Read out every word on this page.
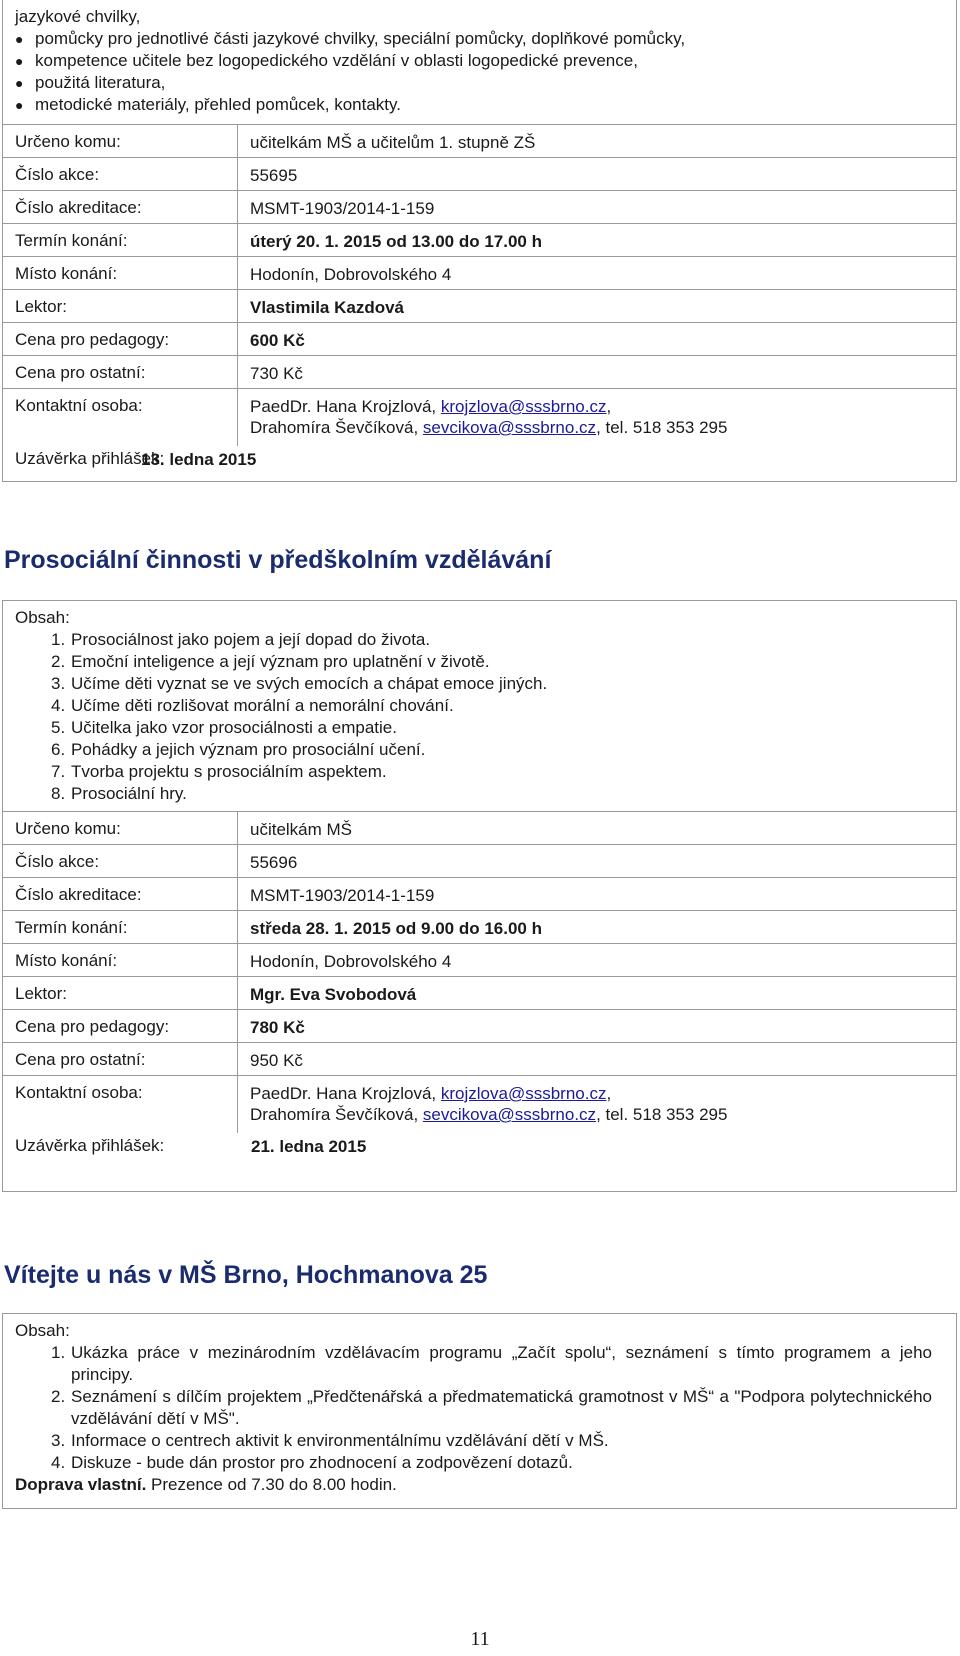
jazykové chvilky,
● pomůcky pro jednotlivé části jazykové chvilky, speciální pomůcky, doplňkové pomůcky,
● kompetence učitele bez logopedického vzdělání v oblasti logopedické prevence,
● použitá literatura,
● metodické materiály, přehled pomůcek, kontakty.
Určeno komu:	učitelkám MŠ a učitelům 1. stupně ZŠ
Číslo akce:	55695
Číslo akreditace:	MSMT-1903/2014-1-159
Termín konání:	úterý 20. 1. 2015 od 13.00 do 17.00 h
Místo konání:	Hodonín, Dobrovolského 4
Lektor:	Vlastimila Kazdová
Cena pro pedagogy:	600 Kč
Cena pro ostatní:	730 Kč
Kontaktní osoba:	PaedDr. Hana Krojzlová, krojzlova@sssbrno.cz,
Drahomíra Ševčíková, sevcikova@sssbrno.cz, tel. 518 353 295
Uzávěrka přihlášek:
13. ledna 2015
Prosociální činnosti v předškolním vzdělávání
Obsah:
1. Prosociálnost jako pojem a její dopad do života.
2. Emoční inteligence a její význam pro uplatnění v životě.
3. Učíme děti vyznat se ve svých emocích a chápat emoce jiných.
4. Učíme děti rozlišovat morální a nemorální chování.
5. Učitelka jako vzor prosociálnosti a empatie.
6. Pohádky a jejich význam pro prosociální učení.
7. Tvorba projektu s prosociálním aspektem.
8. Prosociální hry.
Určeno komu:	učitelkám MŠ
Číslo akce:	55696
Číslo akreditace:	MSMT-1903/2014-1-159
Termín konání:	středa 28. 1. 2015 od 9.00 do 16.00 h
Místo konání:	Hodonín, Dobrovolského 4
Lektor:	Mgr. Eva Svobodová
Cena pro pedagogy:	780 Kč
Cena pro ostatní:	950 Kč
Kontaktní osoba:	PaedDr. Hana Krojzlová, krojzlova@sssbrno.cz,
Drahomíra Ševčíková, sevcikova@sssbrno.cz, tel. 518 353 295
Uzávěrka přihlášek:	21. ledna 2015
Vítejte u nás v MŠ Brno, Hochmanova 25
Obsah:
1. Ukázka práce v mezinárodním vzdělávacím programu „Začít spolu“, seznámení s tímto programem a jeho principy.
2. Seznámení s dílčím projektem „Předčtenářská a předmatematická gramotnost v MŠ“ a "Podpora polytechnického vzdělávání dětí v MŠ".
3. Informace o centrech aktivit k environmentálnímu vzdělávání dětí v MŠ.
4. Diskuze - bude dán prostor pro zhodnocení a zodpovězení dotazů.
Doprava vlastní. Prezence od 7.30 do 8.00 hodin.
11
